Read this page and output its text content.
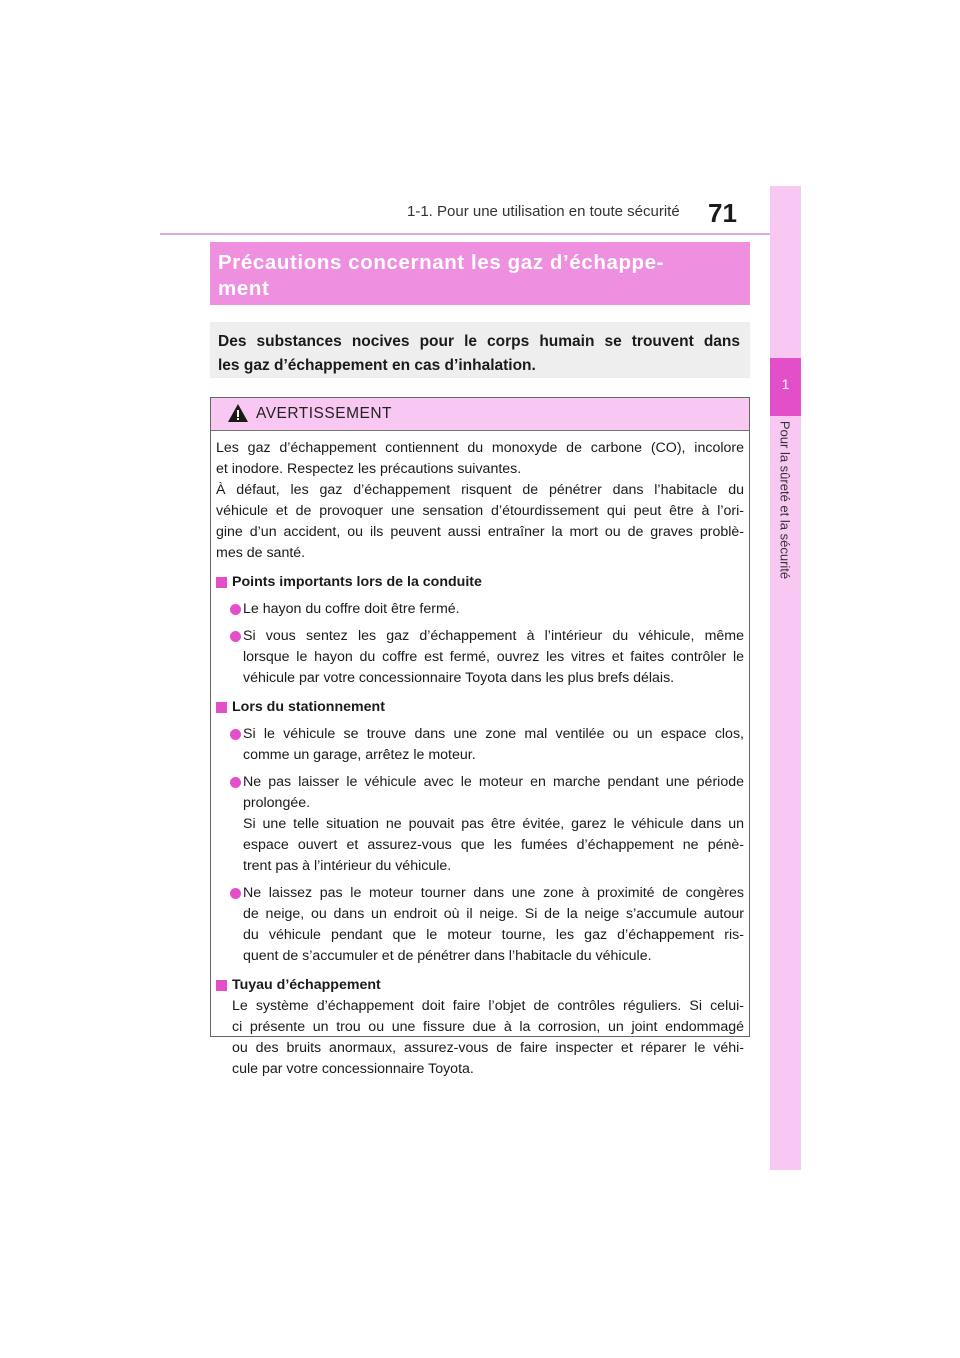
1-1. Pour une utilisation en toute sécurité 71
1
Pour la sûreté et la sécurité
Précautions concernant les gaz d’échappe-
ment
Des substances nocives pour le corps humain se trouvent dans
les gaz d’échappement en cas d’inhalation.
AVERTISSEMENT

Les gaz d’échappement contiennent du monoxyde de carbone (CO), incolore
et inodore. Respectez les précautions suivantes.
À défaut, les gaz d’échappement risquent de pénétrer dans l’habitacle du
véhicule et de provoquer une sensation d’étourdissement qui peut être à l’ori-
gine d’un accident, ou ils peuvent aussi entraîner la mort ou de graves problè-
mes de santé.

Points importants lors de la conduite
Le hayon du coffre doit être fermé.
Si vous sentez les gaz d’échappement à l’intérieur du véhicule, même
lorsque le hayon du coffre est fermé, ouvrez les vitres et faites contrôler le
véhicule par votre concessionnaire Toyota dans les plus brefs délais.
Lors du stationnement
Si le véhicule se trouve dans une zone mal ventilée ou un espace clos,
comme un garage, arrêtez le moteur.
Ne pas laisser le véhicule avec le moteur en marche pendant une période
prolongée.
Si une telle situation ne pouvait pas être évitée, garez le véhicule dans un
espace ouvert et assurez-vous que les fumées d’échappement ne pénè-
trent pas à l’intérieur du véhicule.
Ne laissez pas le moteur tourner dans une zone à proximité de congères
de neige, ou dans un endroit où il neige. Si de la neige s’accumule autour
du véhicule pendant que le moteur tourne, les gaz d’échappement ris-
quent de s’accumuler et de pénétrer dans l’habitacle du véhicule.
Tuyau d’échappement
Le système d’échappement doit faire l’objet de contrôles réguliers. Si celui-
ci présente un trou ou une fissure due à la corrosion, un joint endommagé
ou des bruits anormaux, assurez-vous de faire inspecter et réparer le véhi-
cule par votre concessionnaire Toyota.
